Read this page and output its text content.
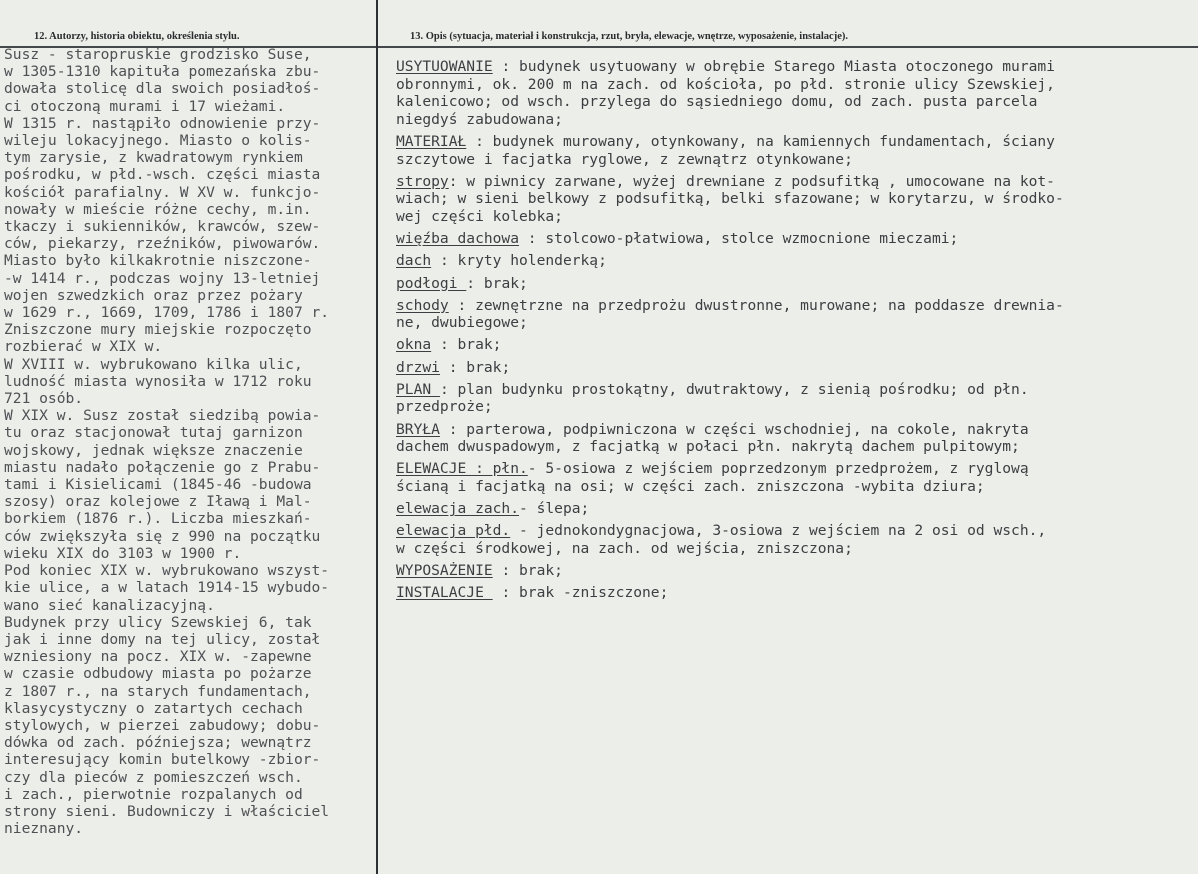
12. Autorzy, historia obiektu, określenia stylu.	13. Opis (sytuacja, materiał i konstrukcja, rzut, bryła, elewacje, wnętrze, wyposażenie, instalacje).
Susz - staropruskie grodzisko Suse,
w 1305-1310 kapituła pomezańska zbu-
dowała stolicę dla swoich posiadłoś-
ci otoczoną murami i 17 wieżami.
W 1315 r. nastąpiło odnowienie przy-
wileju lokacyjnego. Miasto o kolis-
tym zarysie, z kwadratowym rynkiem
pośrodku, w płd.-wsch. części miasta
kościół parafialny. W XV w. funkcjo-
nowały w mieście różne cechy, m.in.
tkaczy i sukienników, krawców, szew-
ców, piekarzy, rzeźników, piwowarów.
Miasto było kilkakrotnie niszczone-
-w 1414 r., podczas wojny 13-letniej
wojen szwedzkich oraz przez pożary
w 1629 r., 1669, 1709, 1786 i 1807 r.
Zniszczone mury miejskie rozpoczęto
rozbierać w XIX w.
W XVIII w. wybrukowano kilka ulic,
ludność miasta wynosiła w 1712 roku
721 osób.
W XIX w. Susz został siedzibą powia-
tu oraz stacjonował tutaj garnizon
wojskowy, jednak większe znaczenie
miastu nadało połączenie go z Prabu-
tami i Kisielicami (1845-46 -budowa
szosy) oraz kolejowe z Iławą i Mal-
borkiem (1876 r.). Liczba mieszkań-
ców zwiększyła się z 990 na początku
wieku XIX do 3103 w 1900 r.
Pod koniec XIX w. wybrukowano wszyst-
kie ulice, a w latach 1914-15 wybudo-
wano sieć kanalizacyjną.
Budynek przy ulicy Szewskiej 6, tak
jak i inne domy na tej ulicy, został
wzniesiony na pocz. XIX w. -zapewne
w czasie odbudowy miasta po pożarze
z 1807 r., na starych fundamentach,
klasycystyczny o zatartych cechach
stylowych, w pierzei zabudowy; dobu-
dówka od zach. późniejsza; wewnątrz
interesujący komin butelkowy -zbior-
czy dla pieców z pomieszczeń wsch.
i zach., pierwotnie rozpalanych od
strony sieni. Budowniczy i właściciel
nieznany.
USYTUOWANIE : budynek usytuowany w obrębie Starego Miasta otoczonego murami
obronnymi, ok. 200 m na zach. od kościoła, po płd. stronie ulicy Szewskiej,
kalenicowo; od wsch. przylega do sąsiedniego domu, od zach. pusta parcela
niegdyś zabudowana;
MATERIAŁ : budynek murowany, otynkowany, na kamiennych fundamentach, ściany
szczytowe i facjatka ryglowe, z zewnątrz otynkowane;
stropy: w piwnicy zarwane, wyżej drewniane z podsufitką , umocowane na kot-
wiach; w sieni belkowy z podsufitką, belki sfazowane; w korytarzu, w środko-
wej części kolebka;
więźba dachowa : stolcowo-płatwiowa, stolce wzmocnione mieczami;
dach : kryty holenderką;
podłogi : brak;
schody : zewnętrzne na przedprożu dwustronne, murowane; na poddasze drewnia-
ne, dwubiegowe;
okna : brak;
drzwi : brak;
PLAN : plan budynku prostokątny, dwutraktowy, z sienią pośrodku; od płn.
przedproże;
BRYŁA : parterowa, podpiwniczona w części wschodniej, na cokole, nakryta
dachem dwuspadowym, z facjatką w połaci płn. nakrytą dachem pulpitowym;
ELEWACJE : płn.- 5-osiowa z wejściem poprzedzonym przedprożem, z ryglową
ścianą i facjatką na osi; w części zach. zniszczona -wybita dziura;
elewacja zach.- ślepa;
elewacja płd. - jednokondygnacjowa, 3-osiowa z wejściem na 2 osi od wsch.,
w części środkowej, na zach. od wejścia, zniszczona;
WYPOSAŻENIE : brak;
INSTALACJE  : brak -zniszczone;
